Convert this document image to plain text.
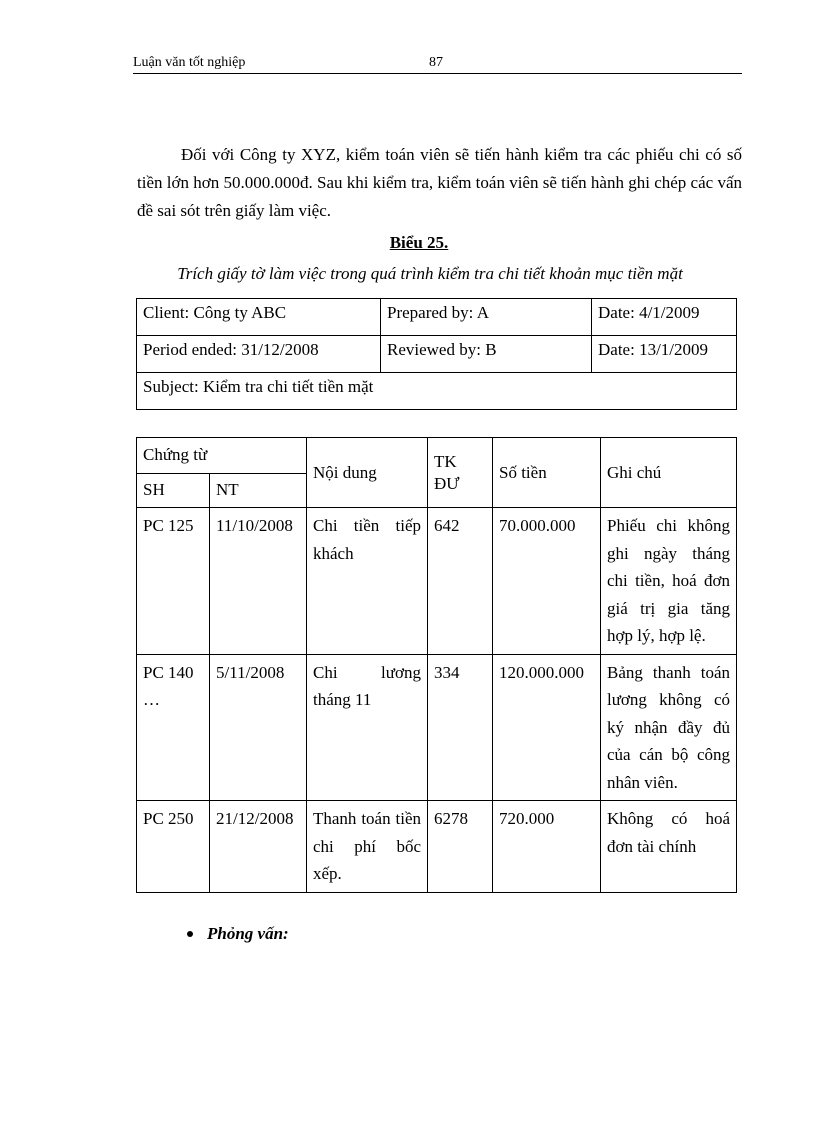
Luận văn tốt nghiệp	87
Đối với Công ty XYZ, kiểm toán viên sẽ tiến hành kiểm tra các phiếu chi có số tiền lớn hơn 50.000.000đ. Sau khi kiểm tra, kiểm toán viên sẽ tiến hành ghi chép các vấn đề sai sót trên giấy làm việc.
Biểu 25.
Trích giấy tờ làm việc trong quá trình kiểm tra chi tiết khoản mục tiền mặt
Client: Công ty ABC	Prepared by: A	Date: 4/1/2009
Period ended: 31/12/2008	Reviewed by: B	Date: 13/1/2009
Subject: Kiểm tra chi tiết tiền mặt		
Chứng từ		Nội dung	TK ĐƯ	Số tiền	Ghi chú
SH	NT				
PC 125	11/10/2008	Chi tiền tiếp khách	642	70.000.000	Phiếu chi không ghi ngày tháng chi tiền, hoá đơn giá trị gia tăng hợp lý, hợp lệ.
PC 140 …	5/11/2008	Chi lương tháng 11	334	120.000.000	Bảng thanh toán lương không có ký nhận đầy đủ của cán bộ công nhân viên.
PC 250	21/12/2008	Thanh toán tiền chi phí bốc xếp.	6278	720.000	Không có hoá đơn tài chính
Phỏng vấn:
